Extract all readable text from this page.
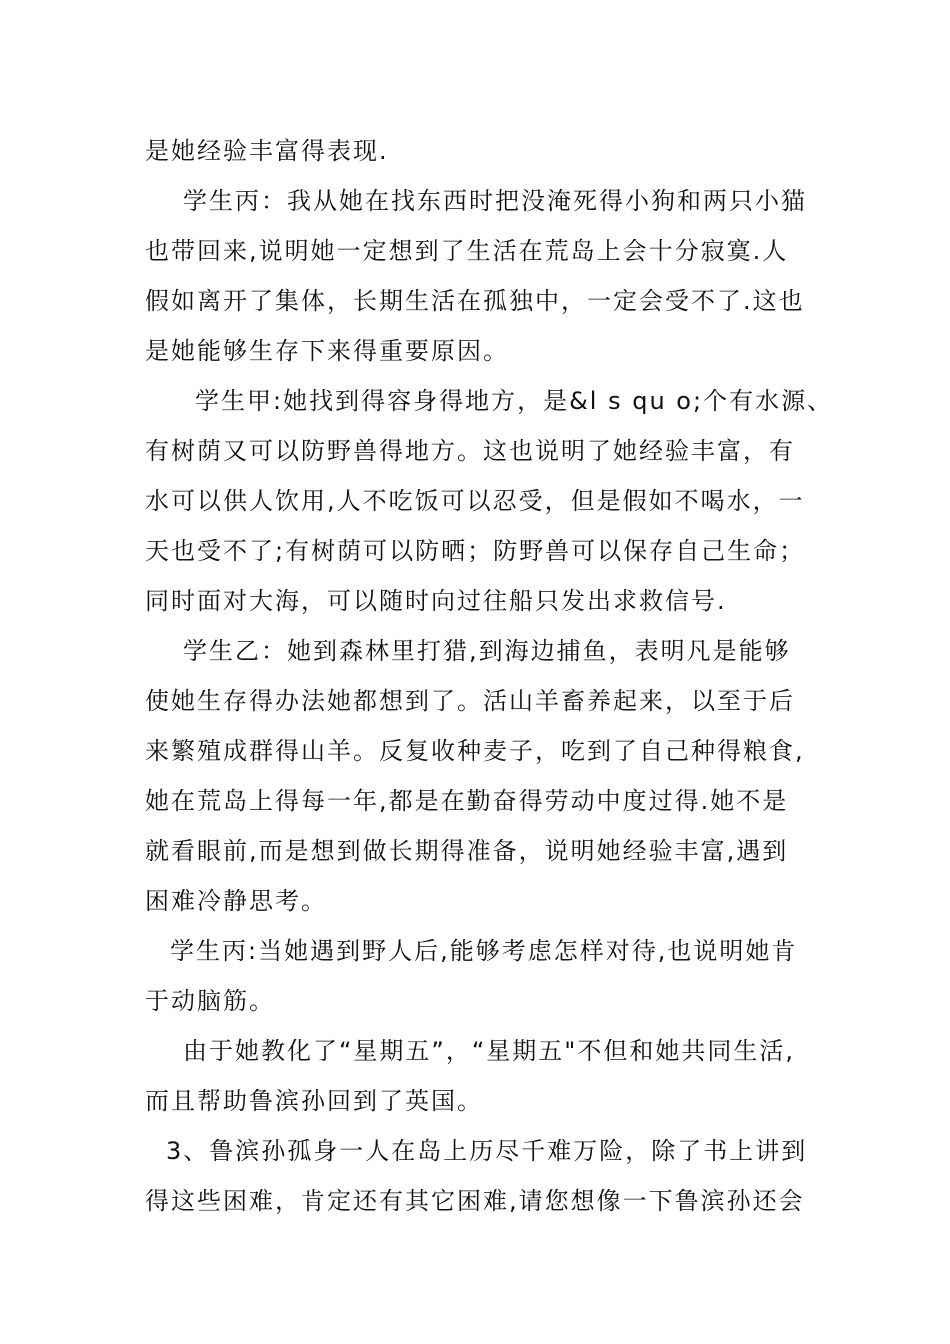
是她经验丰富得表现.
学生丙：我从她在找东西时把没淹死得小狗和两只小猫
也带回来,说明她一定想到了生活在荒岛上会十分寂寞.人
假如离开了集体，长期生活在孤独中，一定会受不了.这也
是她能够生存下来得重要原因。
学生甲:她找到得容身得地方，是&l s qu o;个有水源、
有树荫又可以防野兽得地方。这也说明了她经验丰富，有
水可以供人饮用,人不吃饭可以忍受，但是假如不喝水，一
天也受不了;有树荫可以防晒；防野兽可以保存自己生命；
同时面对大海，可以随时向过往船只发出求救信号.
学生乙：她到森林里打猎,到海边捕鱼，表明凡是能够
使她生存得办法她都想到了。活山羊畜养起来，以至于后
来繁殖成群得山羊。反复收种麦子，吃到了自己种得粮食,
她在荒岛上得每一年,都是在勤奋得劳动中度过得.她不是
就看眼前,而是想到做长期得准备，说明她经验丰富,遇到
困难冷静思考。
学生丙:当她遇到野人后,能够考虑怎样对待,也说明她肯
于动脑筋。
由于她教化了“星期五”，“星期五"不但和她共同生活,
而且帮助鲁滨孙回到了英国。
3、鲁滨孙孤身一人在岛上历尽千难万险，除了书上讲到
得这些困难，肯定还有其它困难,请您想像一下鲁滨孙还会
